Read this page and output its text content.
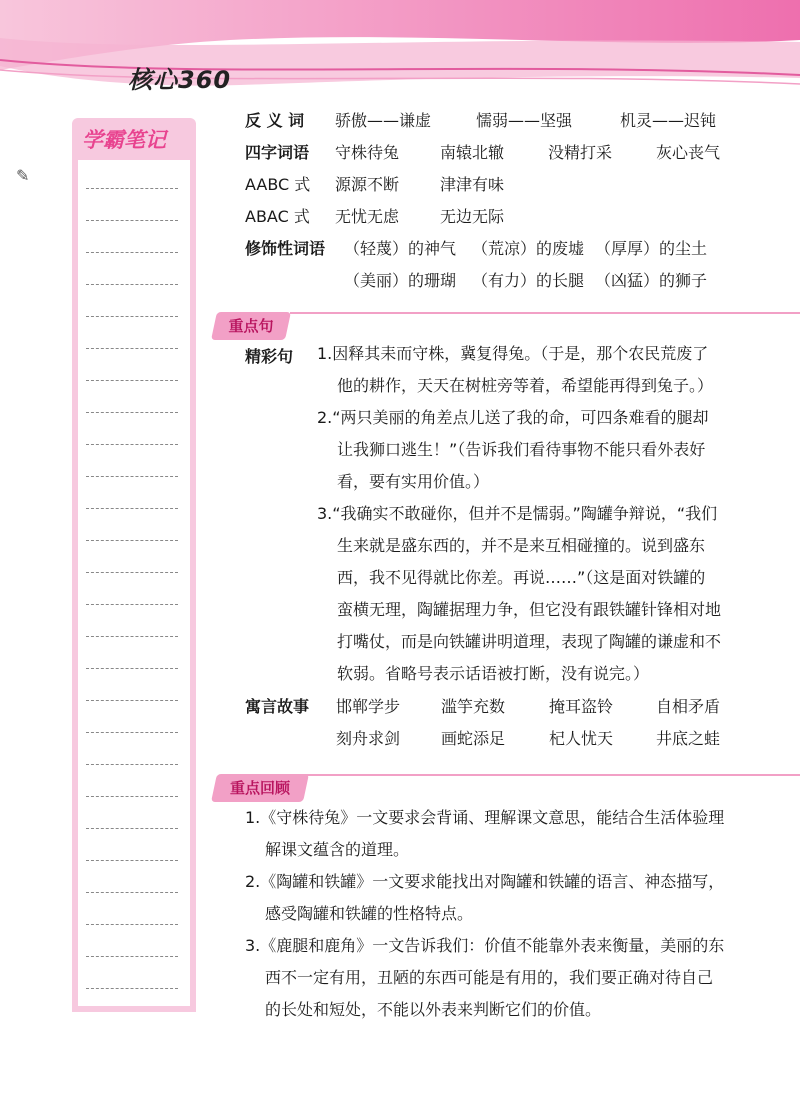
核心360
学霸笔记
✎
反 义 词 骄傲——谦虚	懦弱——坚强	机灵——迟钝
四字词语 守株待兔	南辕北辙	没精打采	灰心丧气
AABC 式 源源不断	津津有味
ABAC 式 无忧无虑	无边无际
修饰性词语 （轻蔑）的神气 （荒凉）的废墟 （厚厚）的尘土
（美丽）的珊瑚 （有力）的长腿 （凶猛）的狮子
重点句
精彩句 1.因释其耒而守株，冀复得兔。（于是，那个农民荒废了
他的耕作，天天在树桩旁等着，希望能再得到兔子。）
2.“两只美丽的角差点儿送了我的命，可四条难看的腿却
让我狮口逃生！”（告诉我们看待事物不能只看外表好
看，要有实用价值。）
3.“我确实不敢碰你，但并不是懦弱。”陶罐争辩说，“我们
生来就是盛东西的，并不是来互相碰撞的。说到盛东
西，我不见得就比你差。再说……”（这是面对铁罐的
蛮横无理，陶罐据理力争，但它没有跟铁罐针锋相对地
打嘴仗，而是向铁罐讲明道理，表现了陶罐的谦虚和不
软弱。省略号表示话语被打断，没有说完。）
寓言故事 邯郸学步	滥竽充数	掩耳盗铃	自相矛盾
刻舟求剑	画蛇添足	杞人忧天	井底之蛙
重点回顾
1.《守株待兔》一文要求会背诵、理解课文意思，能结合生活体验理
解课文蕴含的道理。
2.《陶罐和铁罐》一文要求能找出对陶罐和铁罐的语言、神态描写，
感受陶罐和铁罐的性格特点。
3.《鹿腿和鹿角》一文告诉我们：价值不能靠外表来衡量，美丽的东
西不一定有用，丑陋的东西可能是有用的，我们要正确对待自己
的长处和短处，不能以外表来判断它们的价值。
